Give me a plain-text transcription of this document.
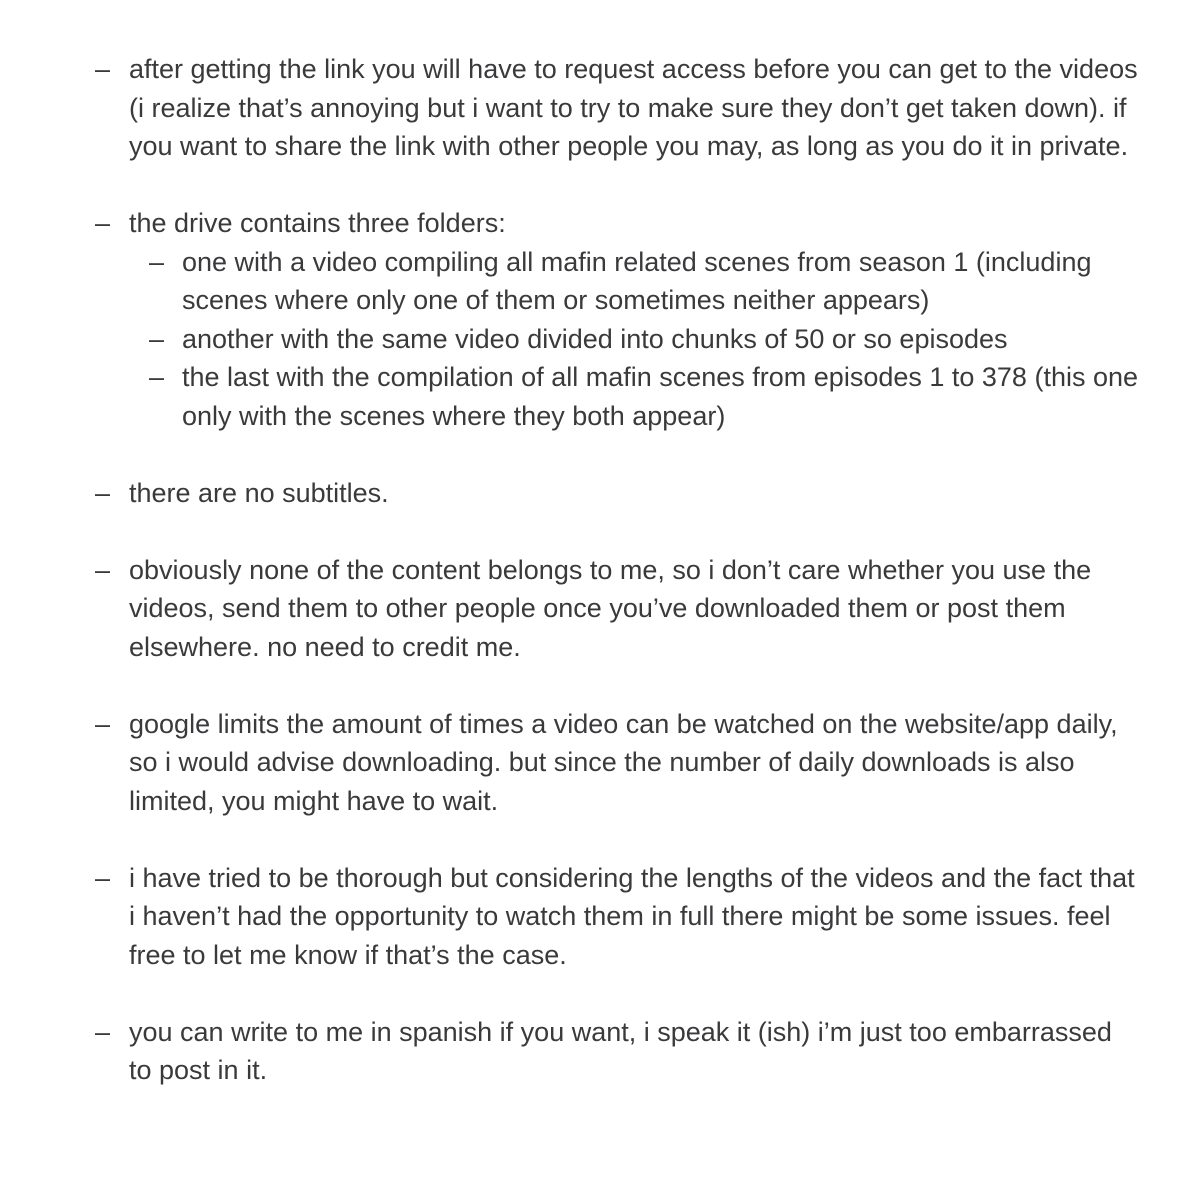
– after getting the link you will have to request access before you can get to the videos (i realize that’s annoying but i want to try to make sure they don’t get taken down). if you want to share the link with other people you may, as long as you do it in private.
– the drive contains three folders:
– one with a video compiling all mafin related scenes from season 1 (including scenes where only one of them or sometimes neither appears)
– another with the same video divided into chunks of 50 or so episodes
– the last with the compilation of all mafin scenes from episodes 1 to 378 (this one only with the scenes where they both appear)
– there are no subtitles.
– obviously none of the content belongs to me, so i don’t care whether you use the videos, send them to other people once you’ve downloaded them or post them elsewhere. no need to credit me.
– google limits the amount of times a video can be watched on the website/app daily, so i would advise downloading. but since the number of daily downloads is also limited, you might have to wait.
– i have tried to be thorough but considering the lengths of the videos and the fact that i haven’t had the opportunity to watch them in full there might be some issues. feel free to let me know if that’s the case.
– you can write to me in spanish if you want, i speak it (ish) i’m just too embarrassed to post in it.
